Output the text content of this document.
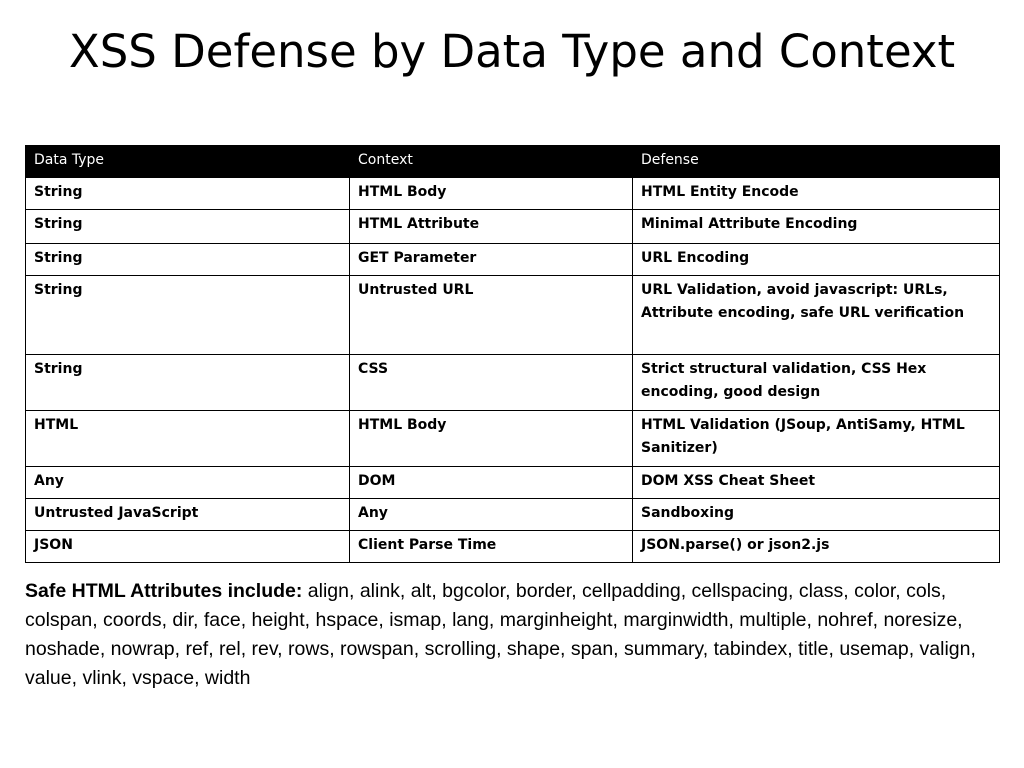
XSS Defense by Data Type and Context
Data Type	Context	Defense
String	HTML Body	HTML Entity Encode
String	HTML Attribute	Minimal Attribute Encoding
String	GET Parameter	URL Encoding
String	Untrusted URL	URL Validation, avoid javascript: URLs, Attribute encoding, safe URL verification
String	CSS	Strict structural validation, CSS Hex encoding, good design
HTML	HTML Body	HTML Validation (JSoup, AntiSamy, HTML Sanitizer)
Any	DOM	DOM XSS Cheat Sheet
Untrusted JavaScript	Any	Sandboxing
JSON	Client Parse Time	JSON.parse() or json2.js
Safe HTML Attributes include: align, alink, alt, bgcolor, border, cellpadding, cellspacing, class, color, cols, colspan, coords, dir, face, height, hspace, ismap, lang, marginheight, marginwidth, multiple, nohref, noresize, noshade, nowrap, ref, rel, rev, rows, rowspan, scrolling, shape, span, summary, tabindex, title, usemap, valign, value, vlink, vspace, width
